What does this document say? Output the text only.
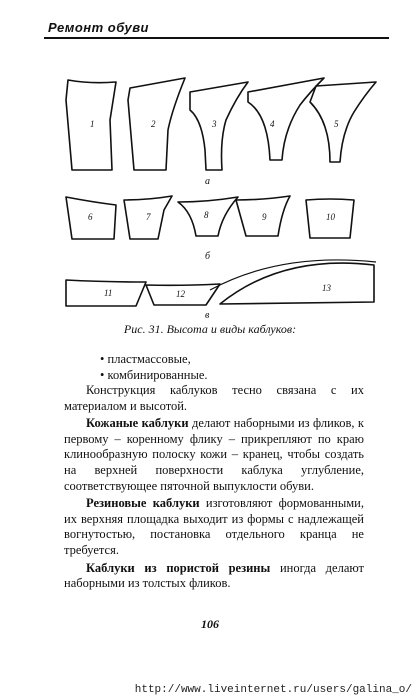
Ремонт обуви
1	2	3	4	5
6	7	8	9	10
11	12
13
а
б
в
Рис. 31. Высота и виды каблуков:
• пластмассовые,
• комбинированные.

Конструкция каблуков тесно связана с их материалом и высотой.

Кожаные каблуки делают наборными из фликов, к первому – коренному флику – прикрепляют по краю клинообразную полоску кожи – кранец, чтобы создать на верхней поверхности каблука углубление, соответствующее пяточной выпуклости обуви.

Резиновые каблуки изготовляют формованными, их верхняя площадка выходит из формы с надлежащей вогнутостью, постановка отдельного кранца не требуется.

Каблуки из пористой резины иногда делают наборными из толстых фликов.

106
http://www.liveinternet.ru/users/galina_o/
